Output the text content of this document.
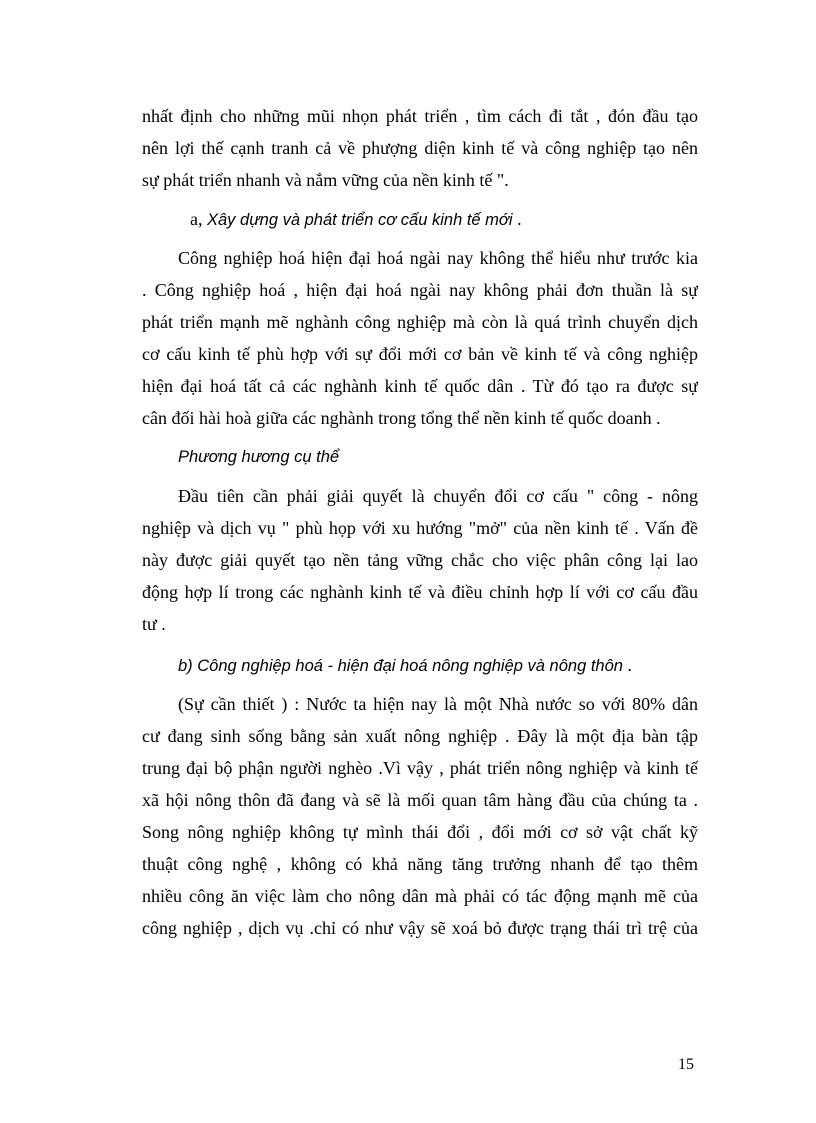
nhất định cho những mũi nhọn phát triển , tìm cách đi tắt , đón đầu tạo
nên lợi thế cạnh tranh cả về phượng diện kinh tế và công nghiệp tạo nên
sự phát triển nhanh và nắm vững của nền kinh tế ".
a, Xây dựng và phát triển cơ cấu kinh tế mới .
Công nghiệp hoá hiện đại hoá ngài nay không thể hiểu như trước kia
. Công nghiệp hoá , hiện đại hoá ngài nay không phải đơn thuần là sự
phát triển mạnh mẽ nghành công nghiệp mà còn là quá trình chuyển dịch
cơ cấu kinh tế phù hợp với sự đổi mới cơ bản về kinh tế và công nghiệp
hiện đại hoá tất cả các nghành kinh tế quốc dân . Từ đó tạo ra được sự
cân đối hài hoà giữa các nghành trong tổng thể nền kinh tế quốc doanh .
Phương hương cụ thể
Đầu tiên cần phải giải quyết là chuyển đổi cơ cấu " công - nông
nghiệp và dịch vụ " phù họp với xu hướng "mở" của nền kinh tế . Vấn đề
này được giải quyết tạo nền tảng vững chắc cho việc phân công lại lao
động hợp lí trong các nghành kinh tế và điều chỉnh hợp lí với cơ cấu đầu
tư .
b) Công nghiệp hoá - hiện đại hoá nông nghiệp và nông thôn .
(Sự cần thiết ) : Nước ta hiện nay là một Nhà nước so với 80% dân
cư đang sinh sống bằng sản xuất nông nghiệp . Đây là một địa bàn tập
trung đại bộ phận người nghèo .Vì vậy , phát triển nông nghiệp và kinh tế
xã hội nông thôn đã đang và sẽ là mối quan tâm hàng đầu của chúng ta .
Song nông nghiệp không tự mình thái đổi , đổi mới cơ sở vật chất kỹ
thuật công nghệ , không có khả năng tăng trưởng nhanh để tạo thêm
nhiều công ăn việc làm cho nông dân mà phải có tác động mạnh mẽ của
công nghiệp , dịch vụ .chỉ có như vậy sẽ xoá bỏ được trạng thái trì trệ của
15
